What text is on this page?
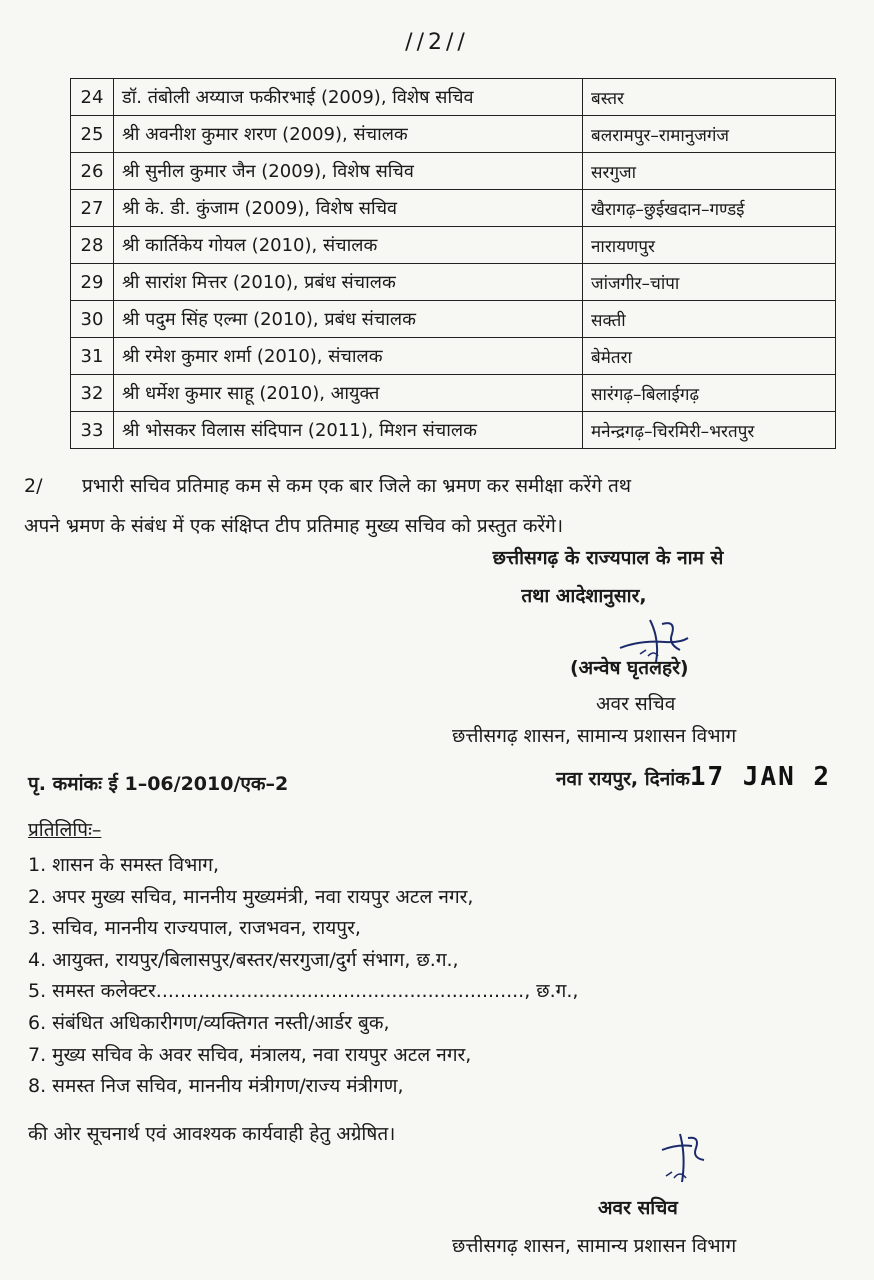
//2//
24	डॉ. तंबोली अय्याज फकीरभाई (2009), विशेष सचिव	बस्तर
25	श्री अवनीश कुमार शरण (2009), संचालक	बलरामपुर–रामानुजगंज
26	श्री सुनील कुमार जैन (2009), विशेष सचिव	सरगुजा
27	श्री के. डी. कुंजाम (2009), विशेष सचिव	खैरागढ़–छुईखदान–गण्डई
28	श्री कार्तिकेय गोयल (2010), संचालक	नारायणपुर
29	श्री सारांश मित्तर (2010), प्रबंध संचालक	जांजगीर–चांपा
30	श्री पदुम सिंह एल्मा (2010), प्रबंध संचालक	सक्ती
31	श्री रमेश कुमार शर्मा (2010), संचालक	बेमेतरा
32	श्री धर्मेश कुमार साहू (2010), आयुक्त	सारंगढ़–बिलाईगढ़
33	श्री भोसकर विलास संदिपान (2011), मिशन संचालक	मनेन्द्रगढ़–चिरमिरी–भरतपुर
2/ प्रभारी सचिव प्रतिमाह कम से कम एक बार जिले का भ्रमण कर समीक्षा करेंगे तथ
अपने भ्रमण के संबंध में एक संक्षिप्त टीप प्रतिमाह मुख्य सचिव को प्रस्तुत करेंगे।
छत्तीसगढ़ के राज्यपाल के नाम से
तथा आदेशानुसार,
(अन्वेष घृतलहरे)
अवर सचिव
छत्तीसगढ़ शासन, सामान्य प्रशासन विभाग
पृ. कमांकः ई 1–06/2010/एक–2	नवा रायपुर, दिनांक17 JAN 2
प्रतिलिपिः–
1. शासन के समस्त विभाग,
2. अपर मुख्य सचिव, माननीय मुख्यमंत्री, नवा रायपुर अटल नगर,
3. सचिव, माननीय राज्यपाल, राजभवन, रायपुर,
4. आयुक्त, रायपुर/बिलासपुर/बस्तर/सरगुजा/दुर्ग संभाग, छ.ग.,
5. समस्त कलेक्टर............................................................., छ.ग.,
6. संबंधित अधिकारीगण/व्यक्तिगत नस्ती/आर्डर बुक,
7. मुख्य सचिव के अवर सचिव, मंत्रालय, नवा रायपुर अटल नगर,
8. समस्त निज सचिव, माननीय मंत्रीगण/राज्य मंत्रीगण,
की ओर सूचनार्थ एवं आवश्यक कार्यवाही हेतु अग्रेषित।
अवर सचिव
छत्तीसगढ़ शासन, सामान्य प्रशासन विभाग
